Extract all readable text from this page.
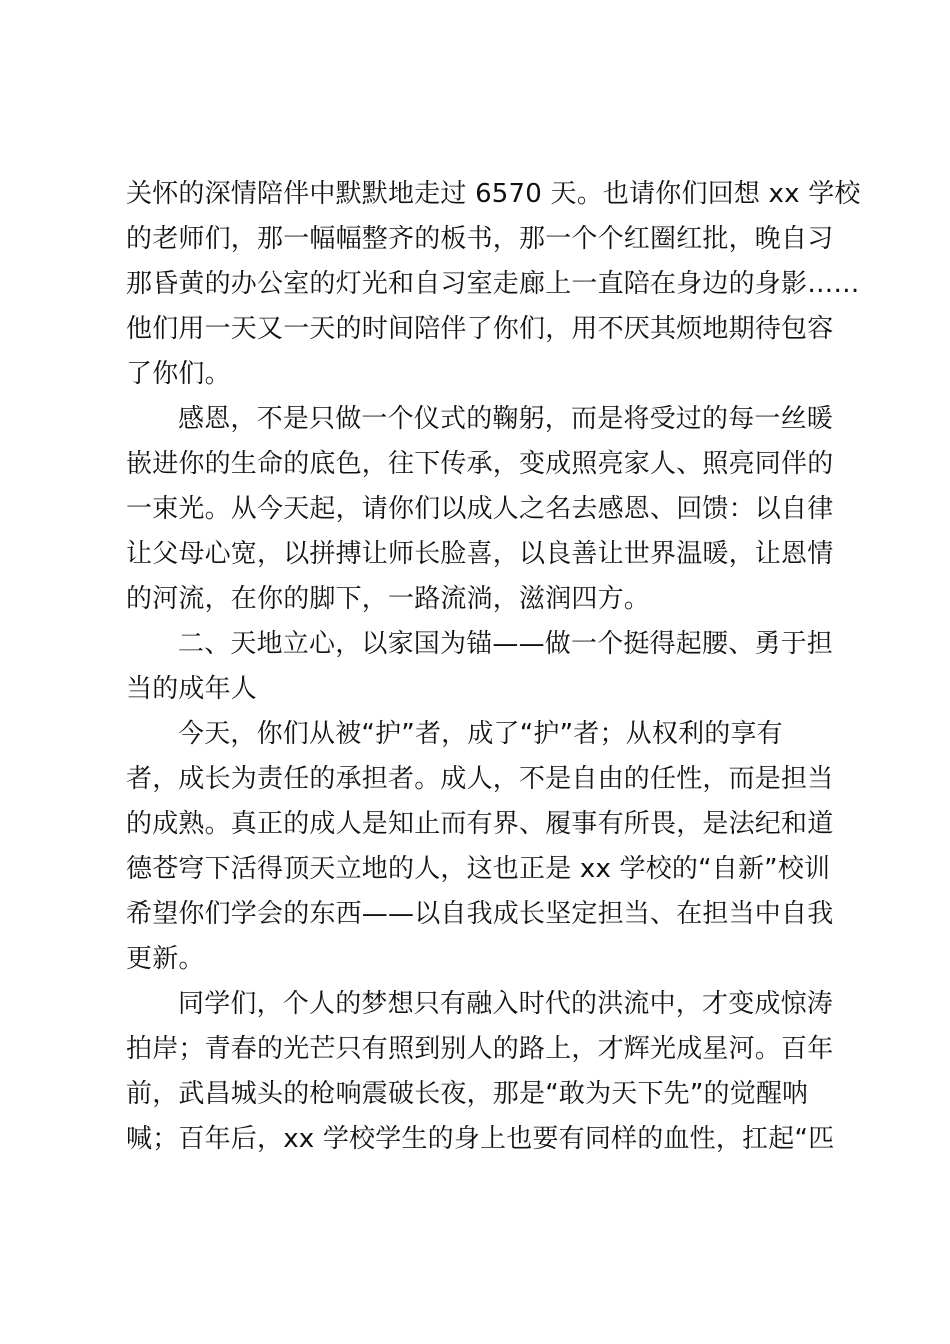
关怀的深情陪伴中默默地走过 6570 天。也请你们回想 xx 学校
的老师们，那一幅幅整齐的板书，那一个个红圈红批，晚自习
那昏黄的办公室的灯光和自习室走廊上一直陪在身边的身影……
他们用一天又一天的时间陪伴了你们，用不厌其烦地期待包容
了你们。
感恩，不是只做一个仪式的鞠躬，而是将受过的每一丝暖
嵌进你的生命的底色，往下传承，变成照亮家人、照亮同伴的
一束光。从今天起，请你们以成人之名去感恩、回馈：以自律
让父母心宽，以拼搏让师长脸喜，以良善让世界温暖，让恩情
的河流，在你的脚下，一路流淌，滋润四方。
二、天地立心，以家国为锚——做一个挺得起腰、勇于担
当的成年人
今天，你们从被“护”者，成了“护”者；从权利的享有
者，成长为责任的承担者。成人，不是自由的任性，而是担当
的成熟。真正的成人是知止而有界、履事有所畏，是法纪和道
德苍穹下活得顶天立地的人，这也正是 xx 学校的“自新”校训
希望你们学会的东西——以自我成长坚定担当、在担当中自我
更新。
同学们，个人的梦想只有融入时代的洪流中，才变成惊涛
拍岸；青春的光芒只有照到别人的路上，才辉光成星河。百年
前，武昌城头的枪响震破长夜，那是“敢为天下先”的觉醒呐
喊；百年后，xx 学校学生的身上也要有同样的血性，扛起“匹
